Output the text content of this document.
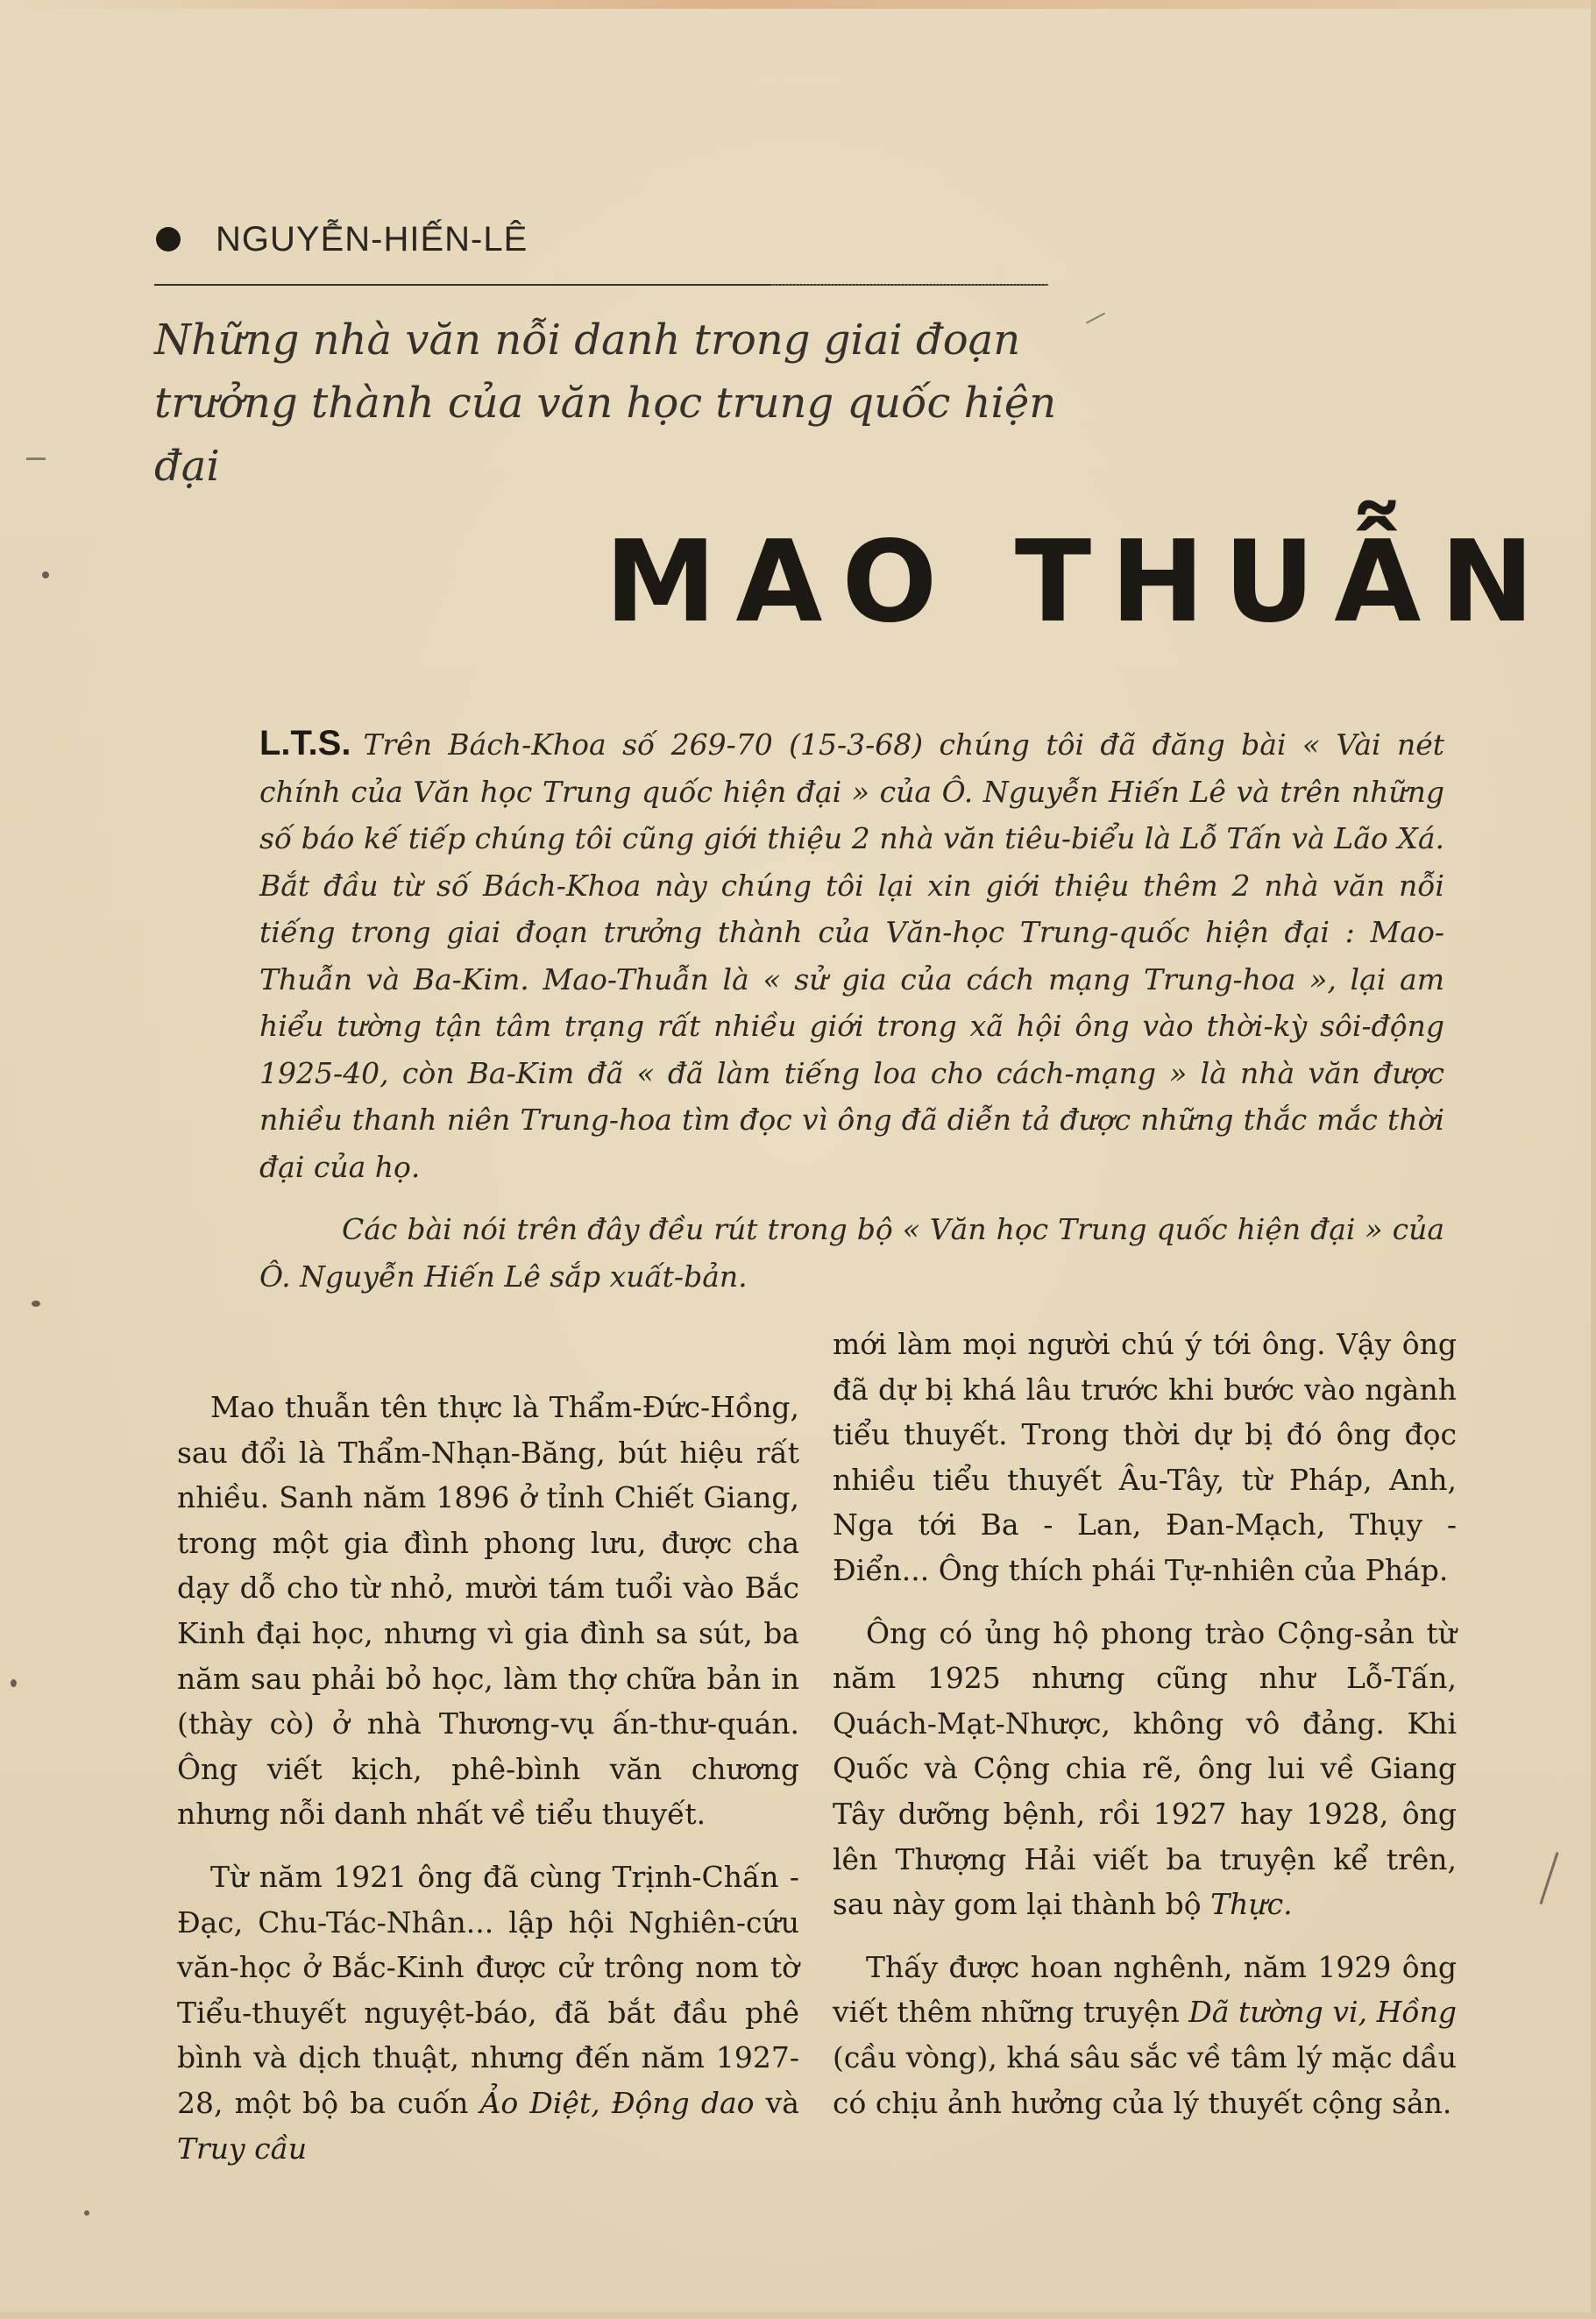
NGUYỄN-HIẾN-LÊ
Những nhà văn nỗi danh trong giai đoạn
trưởng thành của văn học trung quốc hiện đại
MAO THUẪN

L.T.S. Trên Bách-Khoa số 269-70 (15-3-68) chúng tôi đã đăng bài « Vài nét chính của Văn học Trung quốc hiện đại » của Ô. Nguyễn Hiến Lê và trên những số báo kế tiếp chúng tôi cũng giới thiệu 2 nhà văn tiêu-biểu là Lỗ Tấn và Lão Xá. Bắt đầu từ số Bách-Khoa này chúng tôi lại xin giới thiệu thêm 2 nhà văn nỗi tiếng trong giai đoạn trưởng thành của Văn-học Trung-quốc hiện đại : Mao-Thuẫn và Ba-Kim. Mao-Thuẫn là « sử gia của cách mạng Trung-hoa », lại am hiểu tường tận tâm trạng rất nhiều giới trong xã hội ông vào thời-kỳ sôi-động 1925-40, còn Ba-Kim đã « đã làm tiếng loa cho cách-mạng » là nhà văn được nhiều thanh niên Trung-hoa tìm đọc vì ông đã diễn tả được những thắc mắc thời đại của họ.

Các bài nói trên đây đều rút trong bộ « Văn học Trung quốc hiện đại » của Ô. Nguyễn Hiến Lê sắp xuất-bản.

Mao thuẫn tên thực là Thẩm-Đức-Hồng, sau đổi là Thẩm-Nhạn-Băng, bút hiệu rất nhiều. Sanh năm 1896 ở tỉnh Chiết Giang, trong một gia đình phong lưu, được cha dạy dỗ cho từ nhỏ, mười tám tuổi vào Bắc Kinh đại học, nhưng vì gia đình sa sút, ba năm sau phải bỏ học, làm thợ chữa bản in (thày cò) ở nhà Thương-vụ ấn-thư-quán. Ông viết kịch, phê-bình văn chương nhưng nỗi danh nhất về tiểu thuyết.

Từ năm 1921 ông đã cùng Trịnh-Chấn - Đạc, Chu-Tác-Nhân... lập hội Nghiên-cứu văn-học ở Bắc-Kinh được cử trông nom tờ Tiểu-thuyết nguyệt-báo, đã bắt đầu phê bình và dịch thuật, nhưng đến năm 1927-28, một bộ ba cuốn Ảo Diệt, Động dao và Truy cầu

mới làm mọi người chú ý tới ông. Vậy ông đã dự bị khá lâu trước khi bước vào ngành tiểu thuyết. Trong thời dự bị đó ông đọc nhiều tiểu thuyết Âu-Tây, từ Pháp, Anh, Nga tới Ba - Lan, Đan-Mạch, Thụy - Điển... Ông thích phái Tự-nhiên của Pháp.

Ông có ủng hộ phong trào Cộng-sản từ năm 1925 nhưng cũng như Lỗ-Tấn, Quách-Mạt-Nhược, không vô đảng. Khi Quốc và Cộng chia rẽ, ông lui về Giang Tây dưỡng bệnh, rồi 1927 hay 1928, ông lên Thượng Hải viết ba truyện kể trên, sau này gom lại thành bộ Thực.

Thấy được hoan nghênh, năm 1929 ông viết thêm những truyện Dã tường vi, Hồng (cầu vòng), khá sâu sắc về tâm lý mặc dầu có chịu ảnh hưởng của lý thuyết cộng sản.
